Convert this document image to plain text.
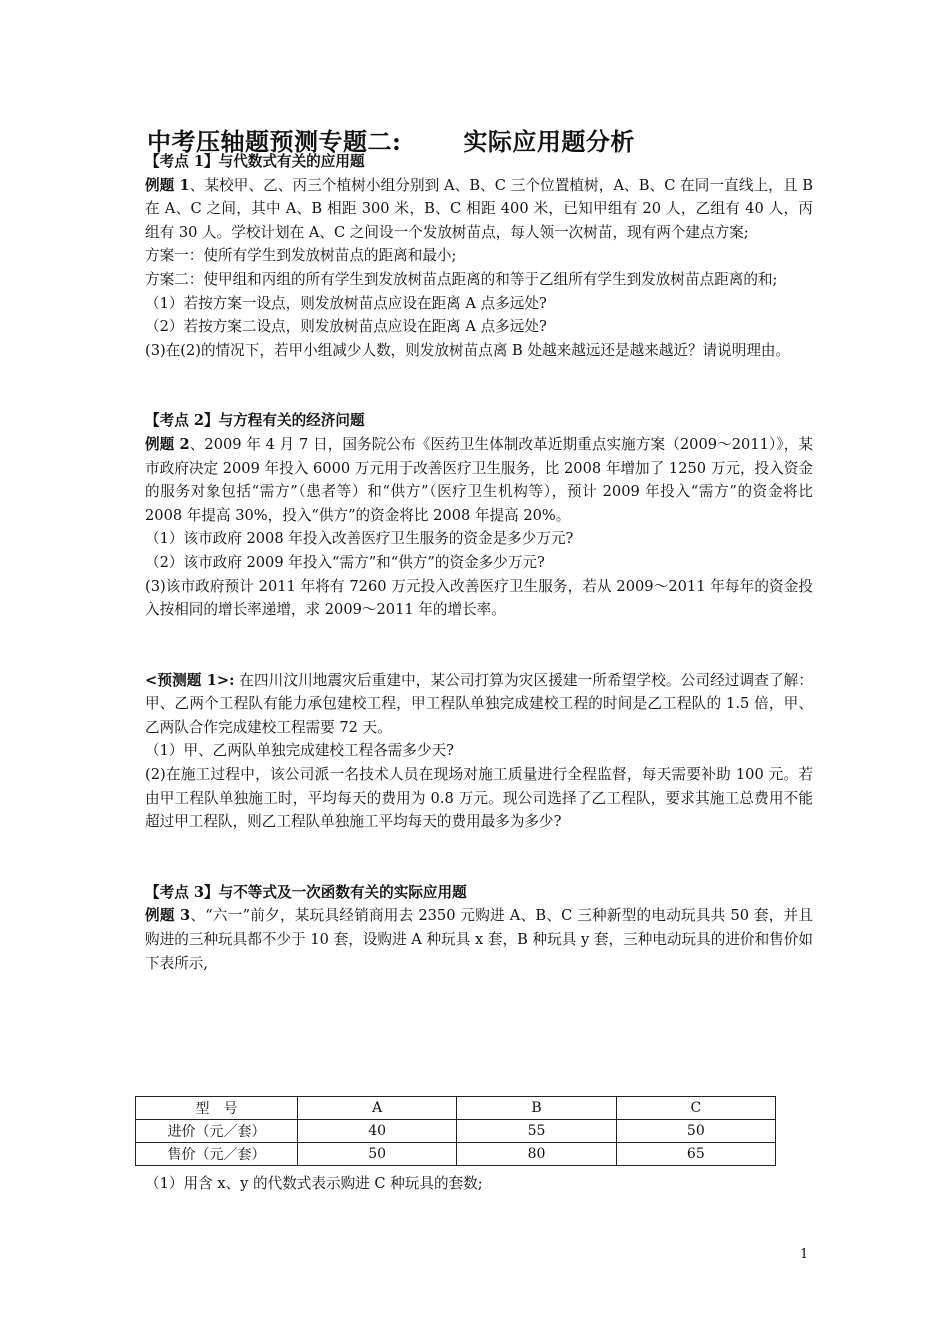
中考压轴题预测专题二:	实际应用题分析

【考点 1】与代数式有关的应用题

例题 1、某校甲、乙、丙三个植树小组分别到 A、B、C 三个位置植树，A、B、C 在同一直线上，且 B 在 A、C 之间，其中 A、B 相距 300 米，B、C 相距 400 米，已知甲组有 20 人，乙组有 40 人，丙组有 30 人。学校计划在 A、C 之间设一个发放树苗点，每人领一次树苗，现有两个建点方案;

方案一：使所有学生到发放树苗点的距离和最小;

方案二：使甲组和丙组的所有学生到发放树苗点距离的和等于乙组所有学生到发放树苗点距离的和;

（1）若按方案一设点，则发放树苗点应设在距离 A 点多远处?

（2）若按方案二设点，则发放树苗点应设在距离 A 点多远处?

(3)在(2)的情况下，若甲小组减少人数，则发放树苗点离 B 处越来越远还是越来越近？请说明理由。

【考点 2】与方程有关的经济问题

例题 2、2009 年 4 月 7 日，国务院公布《医药卫生体制改革近期重点实施方案（2009～2011）》，某市政府决定 2009 年投入 6000 万元用于改善医疗卫生服务，比 2008 年增加了 1250 万元，投入资金的服务对象包括“需方”（患者等）和“供方”（医疗卫生机构等），预计 2009 年投入“需方”的资金将比 2008 年提高 30%，投入“供方”的资金将比 2008 年提高 20%。

（1）该市政府 2008 年投入改善医疗卫生服务的资金是多少万元?

（2）该市政府 2009 年投入“需方”和“供方”的资金多少万元?

(3)该市政府预计 2011 年将有 7260 万元投入改善医疗卫生服务，若从 2009～2011 年每年的资金投入按相同的增长率递增，求 2009～2011 年的增长率。

<预测题 1>: 在四川汶川地震灾后重建中，某公司打算为灾区援建一所希望学校。公司经过调查了解：甲、乙两个工程队有能力承包建校工程，甲工程队单独完成建校工程的时间是乙工程队的 1.5 倍，甲、乙两队合作完成建校工程需要 72 天。

（1）甲、乙两队单独完成建校工程各需多少天?

(2)在施工过程中，该公司派一名技术人员在现场对施工质量进行全程监督，每天需要补助 100 元。若由甲工程队单独施工时，平均每天的费用为 0.8 万元。现公司选择了乙工程队，要求其施工总费用不能超过甲工程队，则乙工程队单独施工平均每天的费用最多为多少?

【考点 3】与不等式及一次函数有关的实际应用题

例题 3、“六一”前夕，某玩具经销商用去 2350 元购进 A、B、C 三种新型的电动玩具共 50 套，并且购进的三种玩具都不少于 10 套，设购进 A 种玩具 x 套，B 种玩具 y 套，三种电动玩具的进价和售价如下表所示,

型　号	A	B	C
进价（元／套）	40	55	50
售价（元／套）	50	80	65
（1）用含 x、y 的代数式表示购进 C 种玩具的套数;
1
